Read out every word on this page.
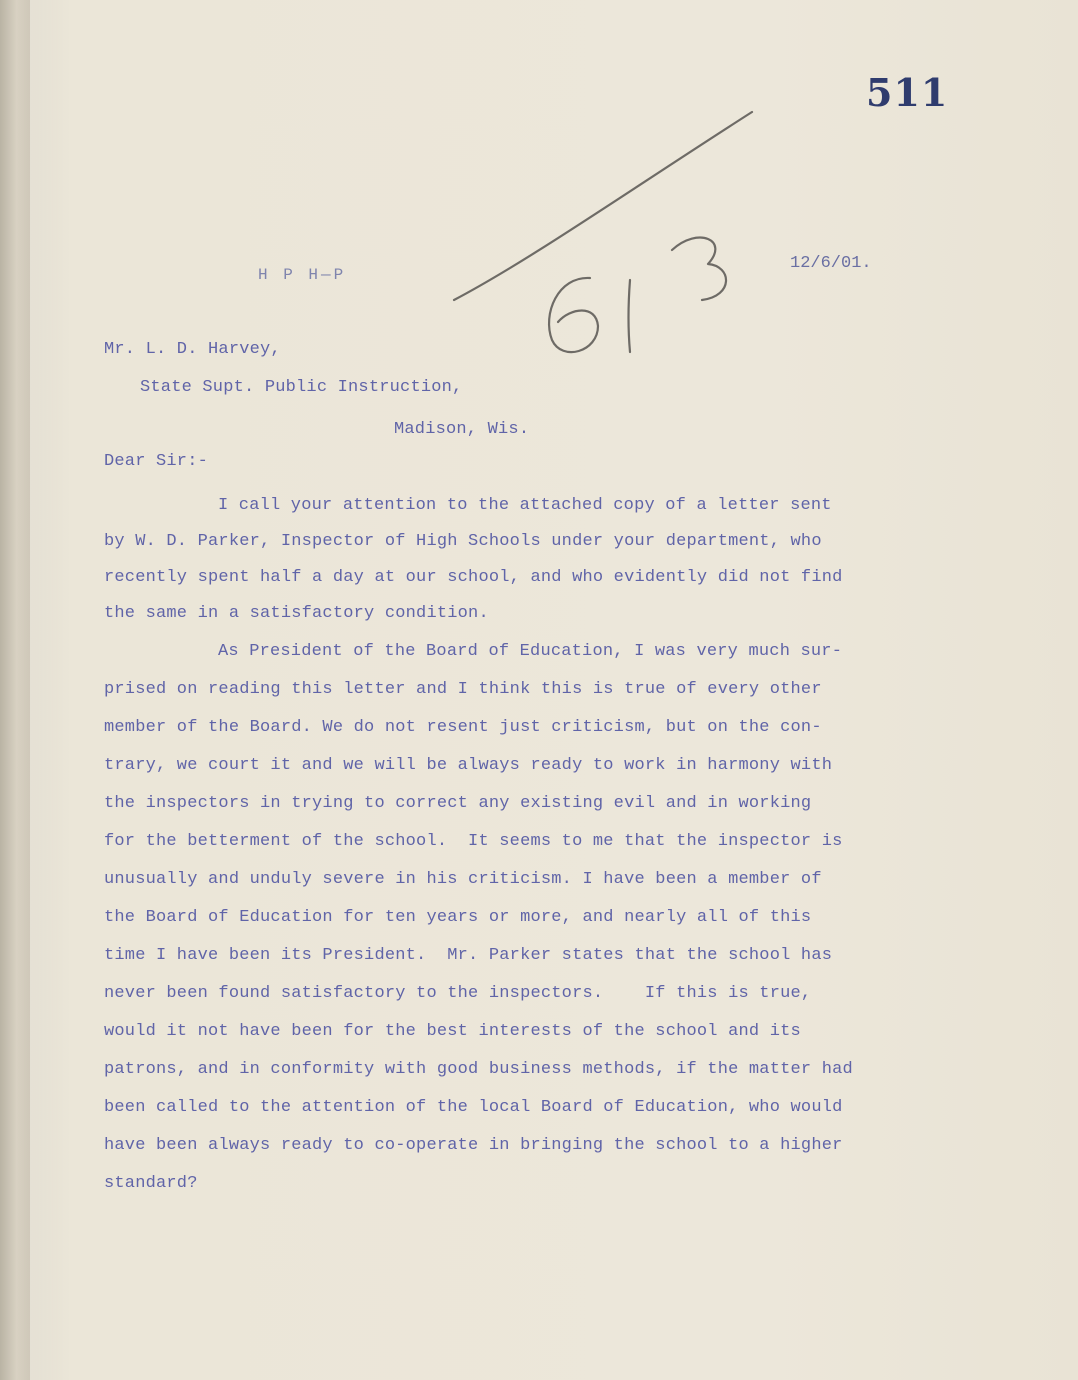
511
H P H—P
12/6/01.
Mr. L. D. Harvey,
State Supt. Public Instruction,
Madison, Wis.
Dear Sir:-
I call your attention to the attached copy of a letter sent
by W. D. Parker, Inspector of High Schools under your department, who
recently spent half a day at our school, and who evidently did not find
the same in a satisfactory condition.
As President of the Board of Education, I was very much sur-
prised on reading this letter and I think this is true of every other
member of the Board. We do not resent just criticism, but on the con-
trary, we court it and we will be always ready to work in harmony with
the inspectors in trying to correct any existing evil and in working
for the betterment of the school.  It seems to me that the inspector is
unusually and unduly severe in his criticism. I have been a member of
the Board of Education for ten years or more, and nearly all of this
time I have been its President.  Mr. Parker states that the school has
never been found satisfactory to the inspectors.    If this is true,
would it not have been for the best interests of the school and its
patrons, and in conformity with good business methods, if the matter had
been called to the attention of the local Board of Education, who would
have been always ready to co-operate in bringing the school to a higher
standard?
